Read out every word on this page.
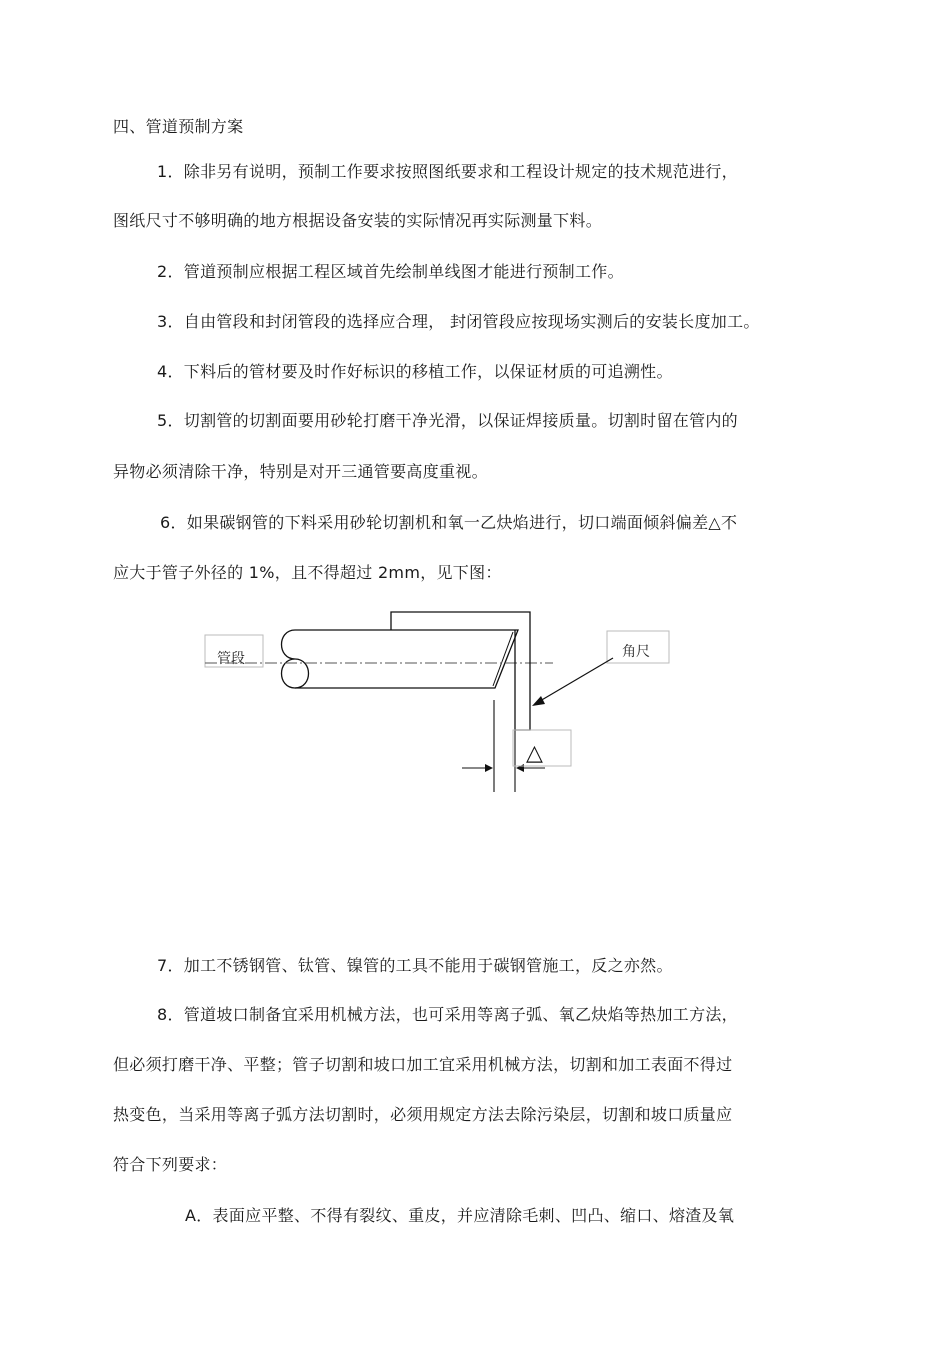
四、管道预制方案
1．除非另有说明，预制工作要求按照图纸要求和工程设计规定的技术规范进行，
图纸尺寸不够明确的地方根据设备安装的实际情况再实际测量下料。
2．管道预制应根据工程区域首先绘制单线图才能进行预制工作。
3．自由管段和封闭管段的选择应合理， 封闭管段应按现场实测后的安装长度加工。
4．下料后的管材要及时作好标识的移植工作，以保证材质的可追溯性。
5．切割管的切割面要用砂轮打磨干净光滑，以保证焊接质量。切割时留在管内的
异物必须清除干净，特别是对开三通管要高度重视。
6．如果碳钢管的下料采用砂轮切割机和氧一乙炔焰进行，切口端面倾斜偏差△不
应大于管子外径的 1%，且不得超过 2mm，见下图：
管段	角尺
△
7．加工不锈钢管、钛管、镍管的工具不能用于碳钢管施工，反之亦然。
8．管道坡口制备宜采用机械方法，也可采用等离子弧、氧乙炔焰等热加工方法，
但必须打磨干净、平整；管子切割和坡口加工宜采用机械方法，切割和加工表面不得过
热变色，当采用等离子弧方法切割时，必须用规定方法去除污染层，切割和坡口质量应
符合下列要求：
A．表面应平整、不得有裂纹、重皮，并应清除毛刺、凹凸、缩口、熔渣及氧
